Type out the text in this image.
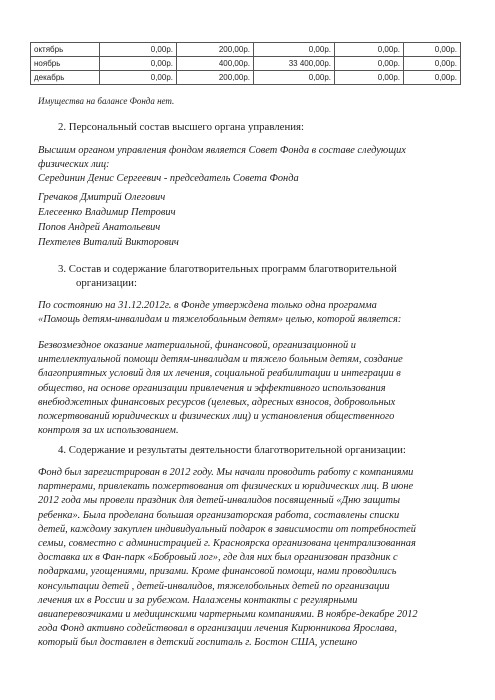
октябрь	0,00р.	200,00р.	0,00р.	0,00р.	0,00р.
ноябрь	0,00р.	400,00р.	33 400,00р.	0,00р.	0,00р.
декабрь	0,00р.	200,00р.	0,00р.	0,00р.	0,00р.
Имущества на балансе Фонда нет.
2. Персональный состав высшего органа управления:
Высшим органом управления фондом является Совет Фонда в составе следующих
физических лиц:
Серединин Денис Сергеевич - председатель Совета Фонда
Гречаков Дмитрий Олегович
Елесеенко Владимир Петрович
Попов Андрей Анатольевич
Пехтелев Виталий Викторович
3. Состав и содержание благотворительных программ благотворительной
организации:
По состоянию на 31.12.2012г. в Фонде утверждена только одна программа
«Помощь детям-инвалидам и тяжелобольным детям» целью, которой является:
Безвозмездное оказание материальной, финансовой, организационной и
интеллектуальной помощи детям-инвалидам и тяжело больным детям, создание
благоприятных условий для их лечения, социальной реабилитации и интеграции в
общество, на основе организации привлечения и эффективного использования
внебюджетных финансовых ресурсов (целевых, адресных взносов, добровольных
пожертвований юридических и физических лиц) и установления общественного
контроля за их использованием.
4. Содержание и результаты деятельности благотворительной организации:
Фонд был зарегистрирован в 2012 году. Мы начали проводить работу с компаниями
партнерами, привлекать пожертвования от физических и юридических лиц. В июне
2012 года мы провели праздник для детей-инвалидов посвященный «Дню защиты
ребенка». Была проделана большая организаторская работа, составлены списки
детей, каждому закуплен индивидуальный подарок в зависимости от потребностей
семьи, совместно с администрацией г. Красноярска организована централизованная
доставка их в Фан-парк «Бобровый лог», где для них был организован праздник с
подарками, угощениями, призами. Кроме финансовой помощи, нами проводились
консультации детей , детей-инвалидов, тяжелобольных детей по организации
лечения их в России и за рубежом. Налажены контакты с регулярными
авиаперевозчиками и медицинскими чартерными компаниями. В ноябре-декабре 2012
года Фонд активно содействовал в организации лечения Кирюнникова Ярослава,
который был доставлен в детский госпиталь г. Бостон США, успешно
